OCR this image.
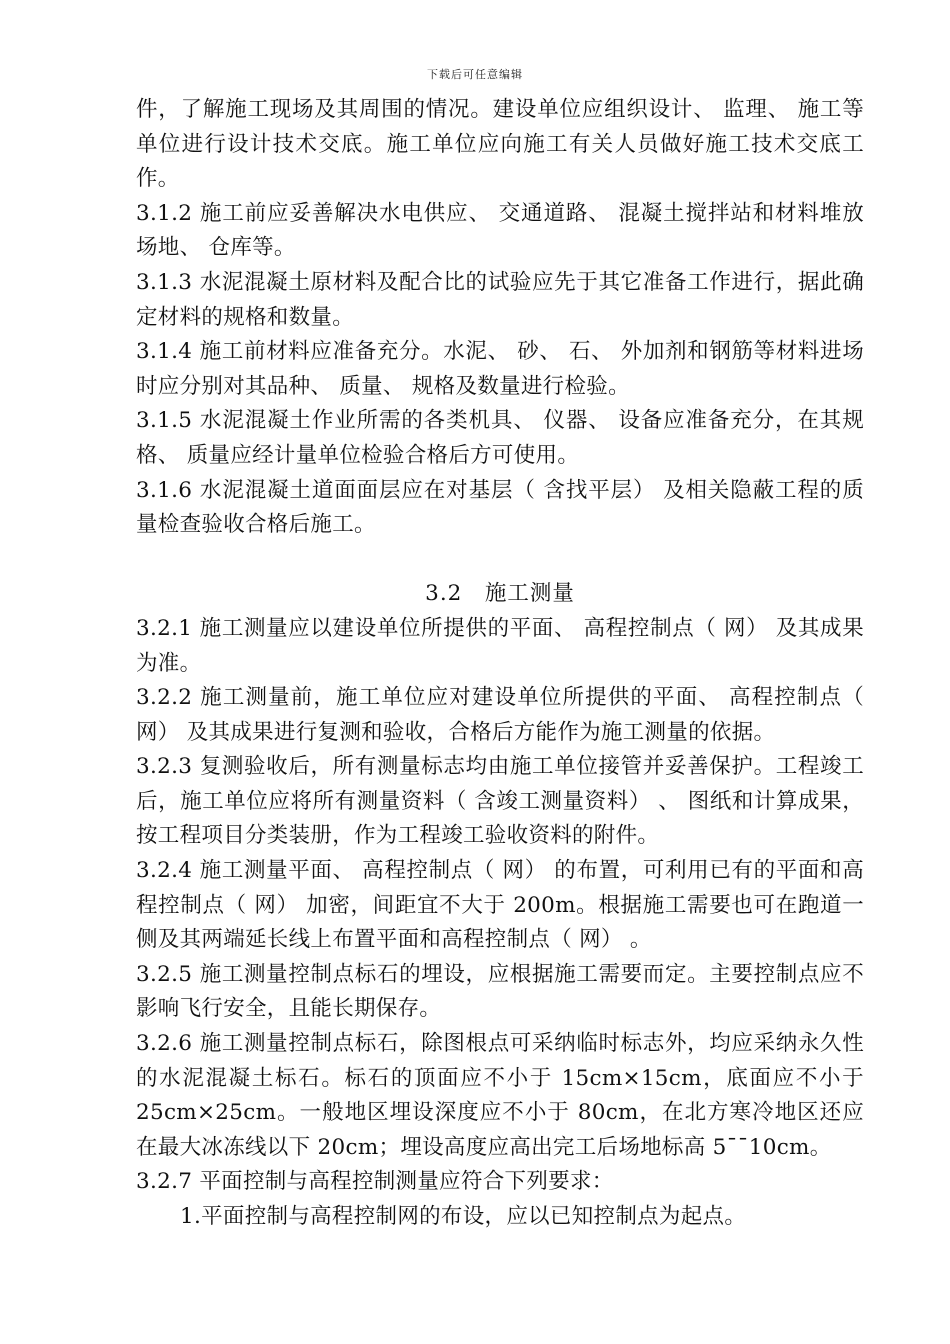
下载后可任意编辑

件，了解施工现场及其周围的情况。建设单位应组织设计、 监理、 施工等单位进行设计技术交底。施工单位应向施工有关人员做好施工技术交底工作。

3.1.2 施工前应妥善解决水电供应、 交通道路、 混凝土搅拌站和材料堆放场地、 仓库等。

3.1.3 水泥混凝土原材料及配合比的试验应先于其它准备工作进行，据此确定材料的规格和数量。

3.1.4 施工前材料应准备充分。水泥、 砂、 石、 外加剂和钢筋等材料进场时应分别对其品种、 质量、 规格及数量进行检验。

3.1.5 水泥混凝土作业所需的各类机具、 仪器、 设备应准备充分，在其规格、 质量应经计量单位检验合格后方可使用。

3.1.6 水泥混凝土道面面层应在对基层（ 含找平层） 及相关隐蔽工程的质量检查验收合格后施工。

3.2　施工测量

3.2.1 施工测量应以建设单位所提供的平面、 高程控制点（ 网） 及其成果为准。

3.2.2 施工测量前，施工单位应对建设单位所提供的平面、 高程控制点（ 网） 及其成果进行复测和验收，合格后方能作为施工测量的依据。

3.2.3 复测验收后，所有测量标志均由施工单位接管并妥善保护。工程竣工后，施工单位应将所有测量资料（ 含竣工测量资料） 、 图纸和计算成果，按工程项目分类装册，作为工程竣工验收资料的附件。

3.2.4 施工测量平面、 高程控制点（ 网） 的布置，可利用已有的平面和高程控制点（ 网） 加密，间距宜不大于 200m。根据施工需要也可在跑道一侧及其两端延长线上布置平面和高程控制点（ 网） 。

3.2.5 施工测量控制点标石的埋设，应根据施工需要而定。主要控制点应不影响飞行安全，且能长期保存。

3.2.6 施工测量控制点标石，除图根点可采纳临时标志外，均应采纳永久性的水泥混凝土标石。标石的顶面应不小于 15cm×15cm，底面应不小于 25cm×25cm。一般地区埋设深度应不小于 80cm，在北方寒冷地区还应在最大冰冻线以下 20cm；埋设高度应高出完工后场地标高 5¯¯10cm。

3.2.7 平面控制与高程控制测量应符合下列要求：

1.平面控制与高程控制网的布设，应以已知控制点为起点。
